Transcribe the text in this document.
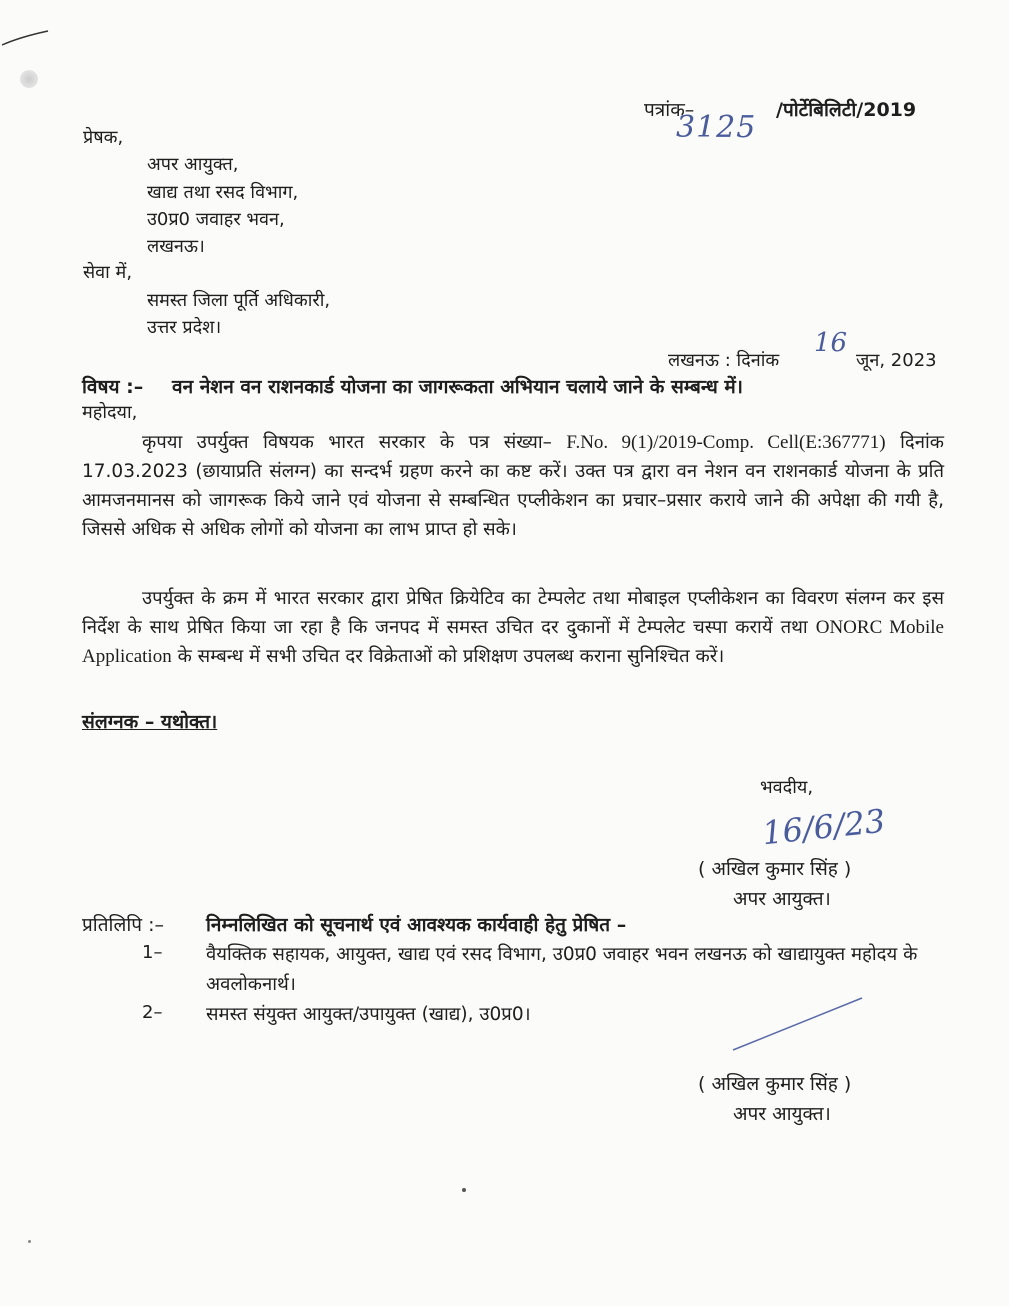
पत्रांक–
3125 /पोर्टेबिलिटी/2019
प्रेषक,
अपर आयुक्त,
खाद्य तथा रसद विभाग,
उ0प्र0 जवाहर भवन,
लखनऊ।
सेवा में,
समस्त जिला पूर्ति अधिकारी,
उत्तर प्रदेश।
लखनऊ : दिनांक
16
जून, 2023
विषय :– वन नेशन वन राशनकार्ड योजना का जागरूकता अभियान चलाये जाने के सम्बन्ध में।
महोदया,
कृपया उपर्युक्त विषयक भारत सरकार के पत्र संख्या– F.No. 9(1)/2019-Comp. Cell(E:367771) दिनांक 17.03.2023 (छायाप्रति संलग्न) का सन्दर्भ ग्रहण करने का कष्ट करें। उक्त पत्र द्वारा वन नेशन वन राशनकार्ड योजना के प्रति आमजनमानस को जागरूक किये जाने एवं योजना से सम्बन्धित एप्लीकेशन का प्रचार–प्रसार कराये जाने की अपेक्षा की गयी है, जिससे अधिक से अधिक लोगों को योजना का लाभ प्राप्त हो सके।
उपर्युक्त के क्रम में भारत सरकार द्वारा प्रेषित क्रियेटिव का टेम्पलेट तथा मोबाइल एप्लीकेशन का विवरण संलग्न कर इस निर्देश के साथ प्रेषित किया जा रहा है कि जनपद में समस्त उचित दर दुकानों में टेम्पलेट चस्पा करायें तथा ONORC Mobile Application के सम्बन्ध में सभी उचित दर विक्रेताओं को प्रशिक्षण उपलब्ध कराना सुनिश्चित करें।
संलग्नक – यथोक्त।
भवदीय,
16/6/23
( अखिल कुमार सिंह )
अपर आयुक्त।
प्रतिलिपि :– निम्नलिखित को सूचनार्थ एवं आवश्यक कार्यवाही हेतु प्रेषित –
1– वैयक्तिक सहायक, आयुक्त, खाद्य एवं रसद विभाग, उ0प्र0 जवाहर भवन लखनऊ को खाद्यायुक्त महोदय के अवलोकनार्थ।
2– समस्त संयुक्त आयुक्त/उपायुक्त (खाद्य), उ0प्र0।
( अखिल कुमार सिंह )
अपर आयुक्त।
